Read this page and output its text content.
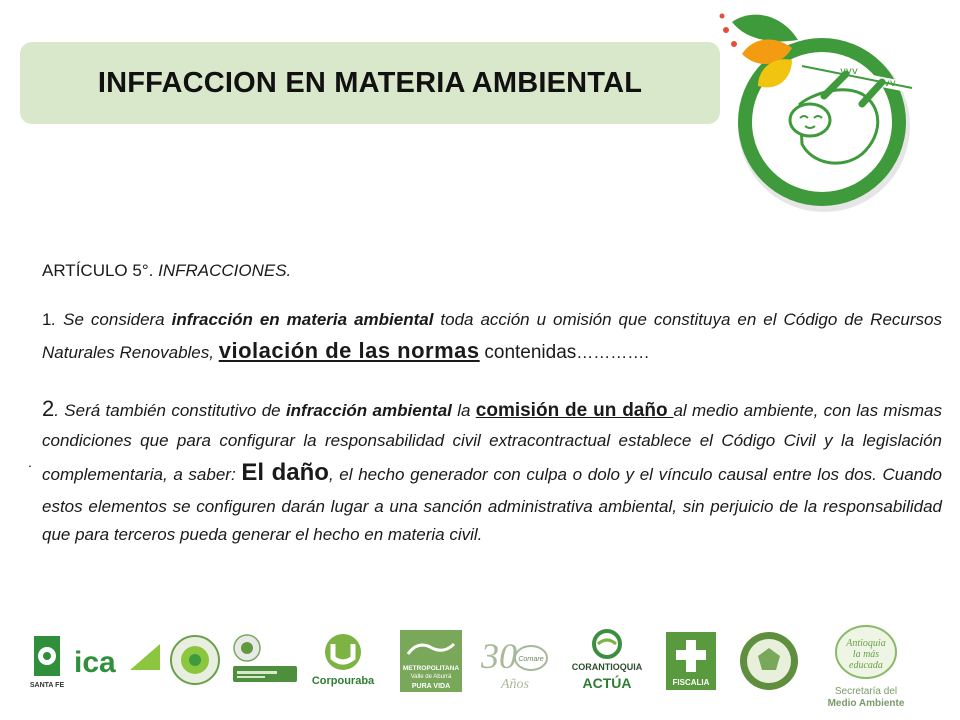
INFFACCION EN MATERIA AMBIENTAL	vvv
vvv
ARTÍCULO 5°. INFRACCIONES.

1. Se considera infracción en materia ambiental toda acción u omisión que constituya en el Código de Recursos Naturales Renovables, violación de las normas contenidas………….

2. Será también constitutivo de infracción ambiental la comisión de un daño al medio ambiente, con las mismas condiciones que para configurar la responsabilidad civil extracontractual establece el Código Civil y la legislación complementaria, a saber: El daño, el hecho generador con culpa o dolo y el vínculo causal entre los dos. Cuando estos elementos se configuren darán lugar a una sanción administrativa ambiental, sin perjuicio de la responsabilidad que para terceros pueda generar el hecho en materia civil.

.
SANTA FE
ica
Corpouraba
METROPOLITANA
Valle de Aburrá
PURA VIDA
30 Cornare
Años
CORANTIOQUIA
ACTÚA	FISCALIA
Antioquia
la más
educada
Secretaría del
Medio Ambiente
